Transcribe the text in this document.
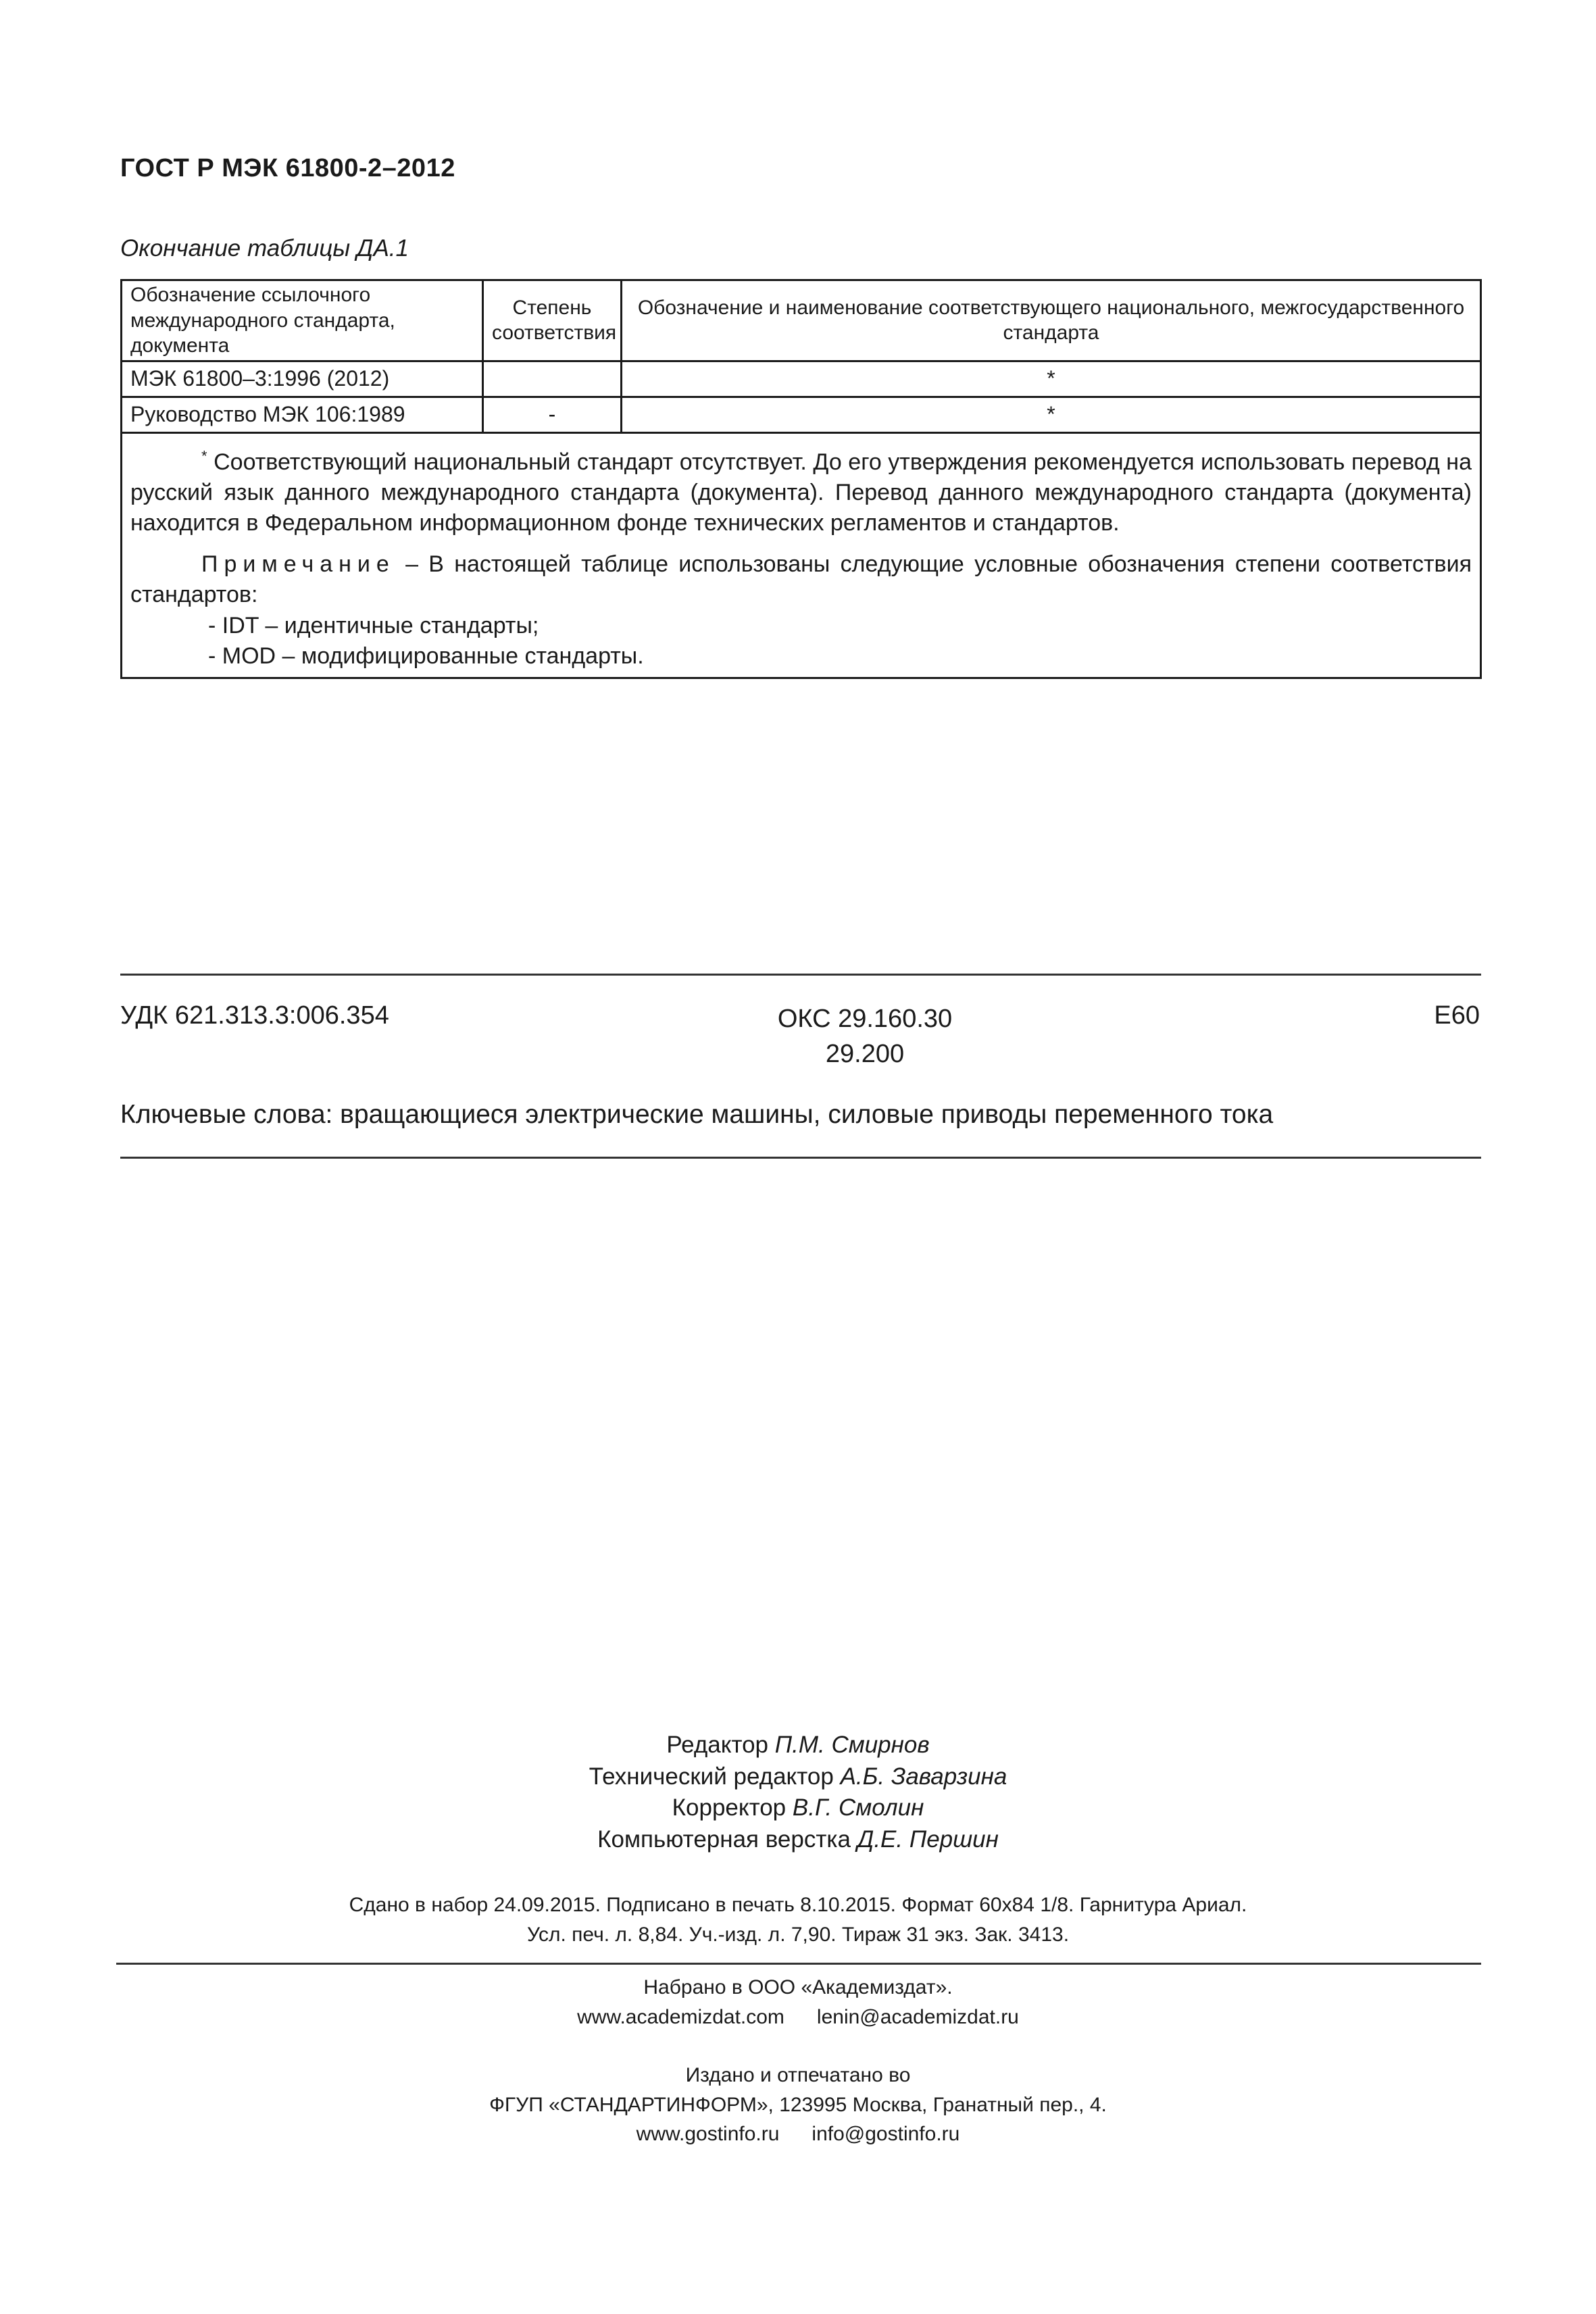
ГОСТ Р МЭК 61800-2–2012
Окончание таблицы ДА.1
Обозначение ссылочного международного стандарта, документа	Степень соответствия	Обозначение и наименование соответствующего национального, межгосударственного стандарта
МЭК 61800–3:1996 (2012)		*
Руководство МЭК 106:1989	-	*

* Соответствующий национальный стандарт отсутствует. До его утверждения рекомендуется использовать перевод на русский язык данного международного стандарта (документа). Перевод данного международного стандарта (документа) находится в Федеральном информационном фонде технических регламентов и стандартов.

Примечание – В настоящей таблице использованы следующие условные обозначения степени соответствия стандартов:

- IDT – идентичные стандарты;

- MOD – модифицированные стандарты.		

УДК 621.313.3:006.354	ОКС 29.160.30
29.200
Е60
Ключевые слова: вращающиеся электрические машины, силовые приводы переменного тока
Редактор П.М. Смирнов
Технический редактор А.Б. Заварзина
Корректор В.Г. Смолин
Компьютерная верстка Д.Е. Першин
Сдано в набор 24.09.2015. Подписано в печать 8.10.2015. Формат 60х84 1/8. Гарнитура Ариал.
Усл. печ. л. 8,84. Уч.-изд. л. 7,90. Тираж 31 экз. Зак. 3413.
Набрано в ООО «Академиздат».
www.academizdat.com lenin@academizdat.ru
Издано и отпечатано во
ФГУП «СТАНДАРТИНФОРМ», 123995 Москва, Гранатный пер., 4.
www.gostinfo.ru info@gostinfo.ru
